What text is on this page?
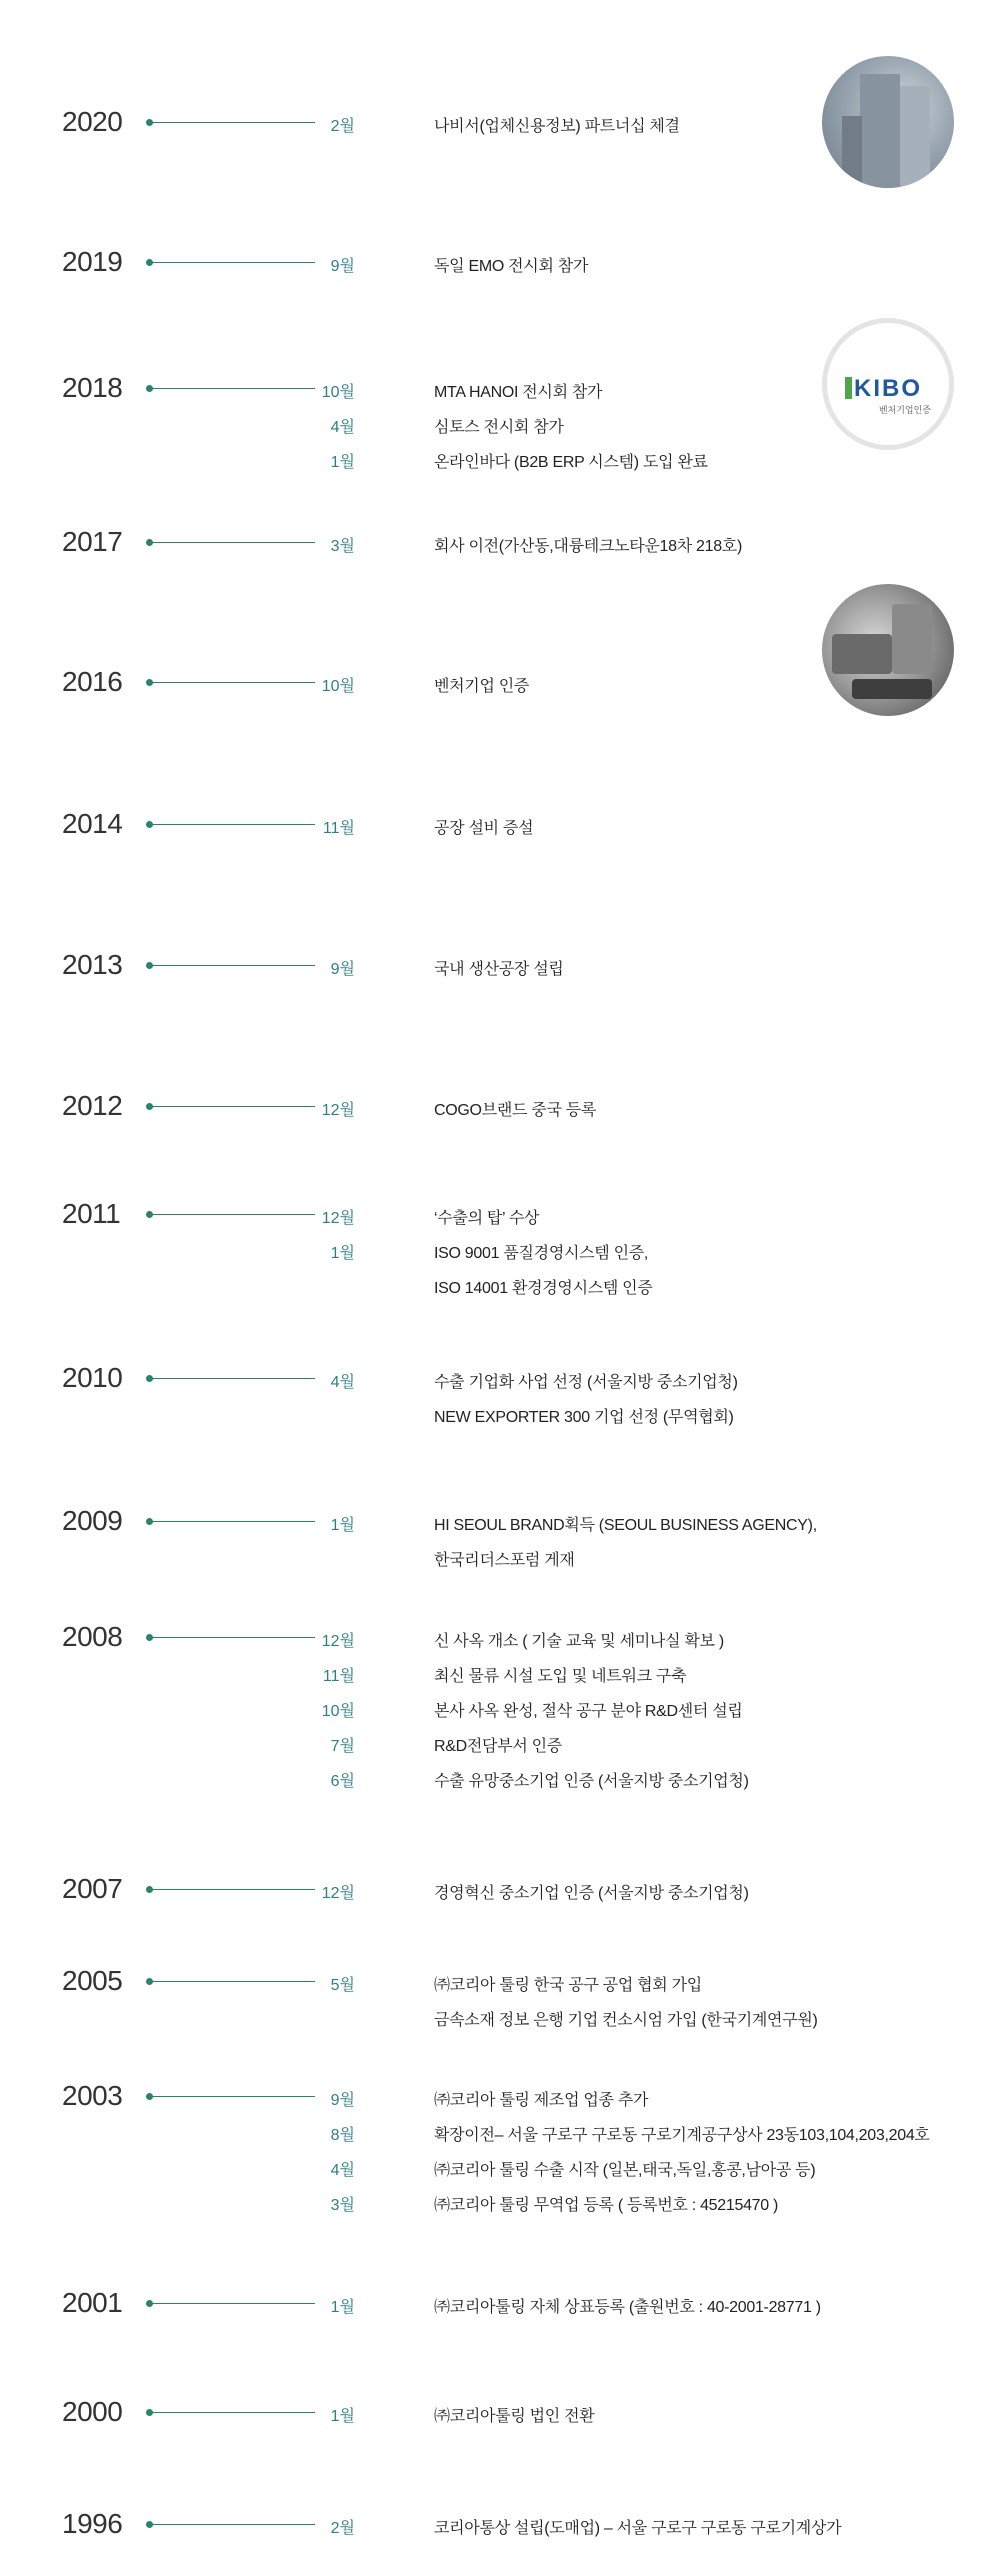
2020	2월	나비서(업체신용정보) 파트너십 체결
2019	9월	독일 EMO 전시회 참가
2018	10월	MTA HANOI 전시회 참가
4월	심토스 전시회 참가
1월	온라인바다 (B2B ERP 시스템) 도입 완료
2017	3월	회사 이전(가산동,대륭테크노타운18차 218호)
2016	10월	벤처기업 인증
2014	11월	공장 설비 증설
2013	9월	국내 생산공장 설립
2012	12월	COGO브랜드 중국 등록
2011	12월	‘수출의 탑’ 수상
1월	ISO 9001 품질경영시스템 인증,
ISO 14001 환경경영시스템 인증
2010	4월	수출 기업화 사업 선정 (서울지방 중소기업청)
NEW EXPORTER 300 기업 선정 (무역협회)
2009	1월	HI SEOUL BRAND획득 (SEOUL BUSINESS AGENCY),
한국리더스포럼 게재
2008	12월	신 사옥 개소 ( 기술 교육 및 세미나실 확보 )
11월	최신 물류 시설 도입 및 네트워크 구축
10월	본사 사옥 완성, 절삭 공구 분야 R&D센터 설립
7월	R&D전담부서 인증
6월	수출 유망중소기업 인증 (서울지방 중소기업청)
2007	12월	경영혁신 중소기업 인증 (서울지방 중소기업청)
2005	5월	㈜코리아 툴링 한국 공구 공업 협회 가입
금속소재 정보 은행 기업 컨소시엄 가입 (한국기계연구원)
2003	9월	㈜코리아 툴링 제조업 업종 추가
8월	확장이전– 서울 구로구 구로동 구로기계공구상사 23동103,104,203,204호
4월	㈜코리아 툴링 수출 시작 (일본,태국,독일,홍콩,남아공 등)
3월	㈜코리아 툴링 무역업 등록 ( 등록번호 : 45215470 )
2001	1월	㈜코리아툴링 자체 상표등록 (출원번호 : 40-2001-28771 )
2000	1월	㈜코리아툴링 법인 전환
1996	2월	코리아통상 설립(도매업) – 서울 구로구 구로동 구로기계상가
KIBO
벤처기업인증
